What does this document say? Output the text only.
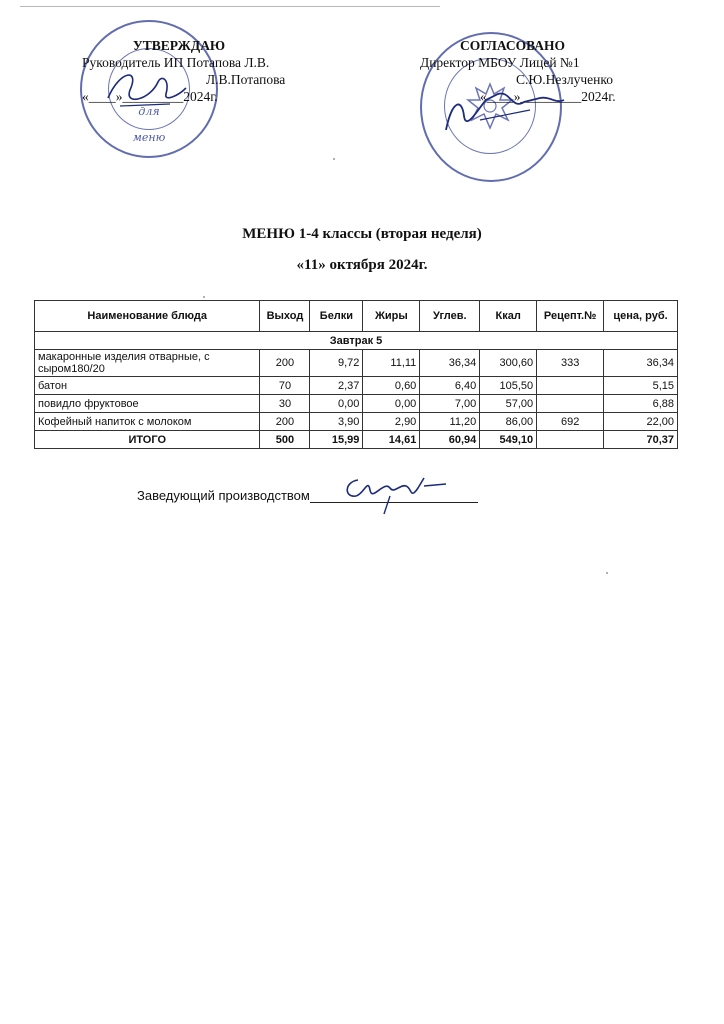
для
меню
УТВЕРЖДАЮ
Руководитель ИП Потапова Л.В.
Л.В.Потапова
«____»_________2024г.
СОГЛАСОВАНО
Директор МБОУ Лицей №1
С.Ю.Незлученко
«____»_________2024г.
МЕНЮ 1-4 классы (вторая неделя)
«11» октября 2024г.
Наименование блюда	Выход	Белки	Жиры	Углев.	Ккал	Рецепт.№	цена, руб.
Завтрак 5							
макаронные изделия отварные, с сыром180/20	200	9,72	11,11	36,34	300,60	333	36,34
батон	70	2,37	0,60	6,40	105,50		5,15
повидло фруктовое	30	0,00	0,00	7,00	57,00		6,88
Кофейный напиток с молоком	200	3,90	2,90	11,20	86,00	692	22,00
ИТОГО	500	15,99	14,61	60,94	549,10		70,37
Заведующий производством
